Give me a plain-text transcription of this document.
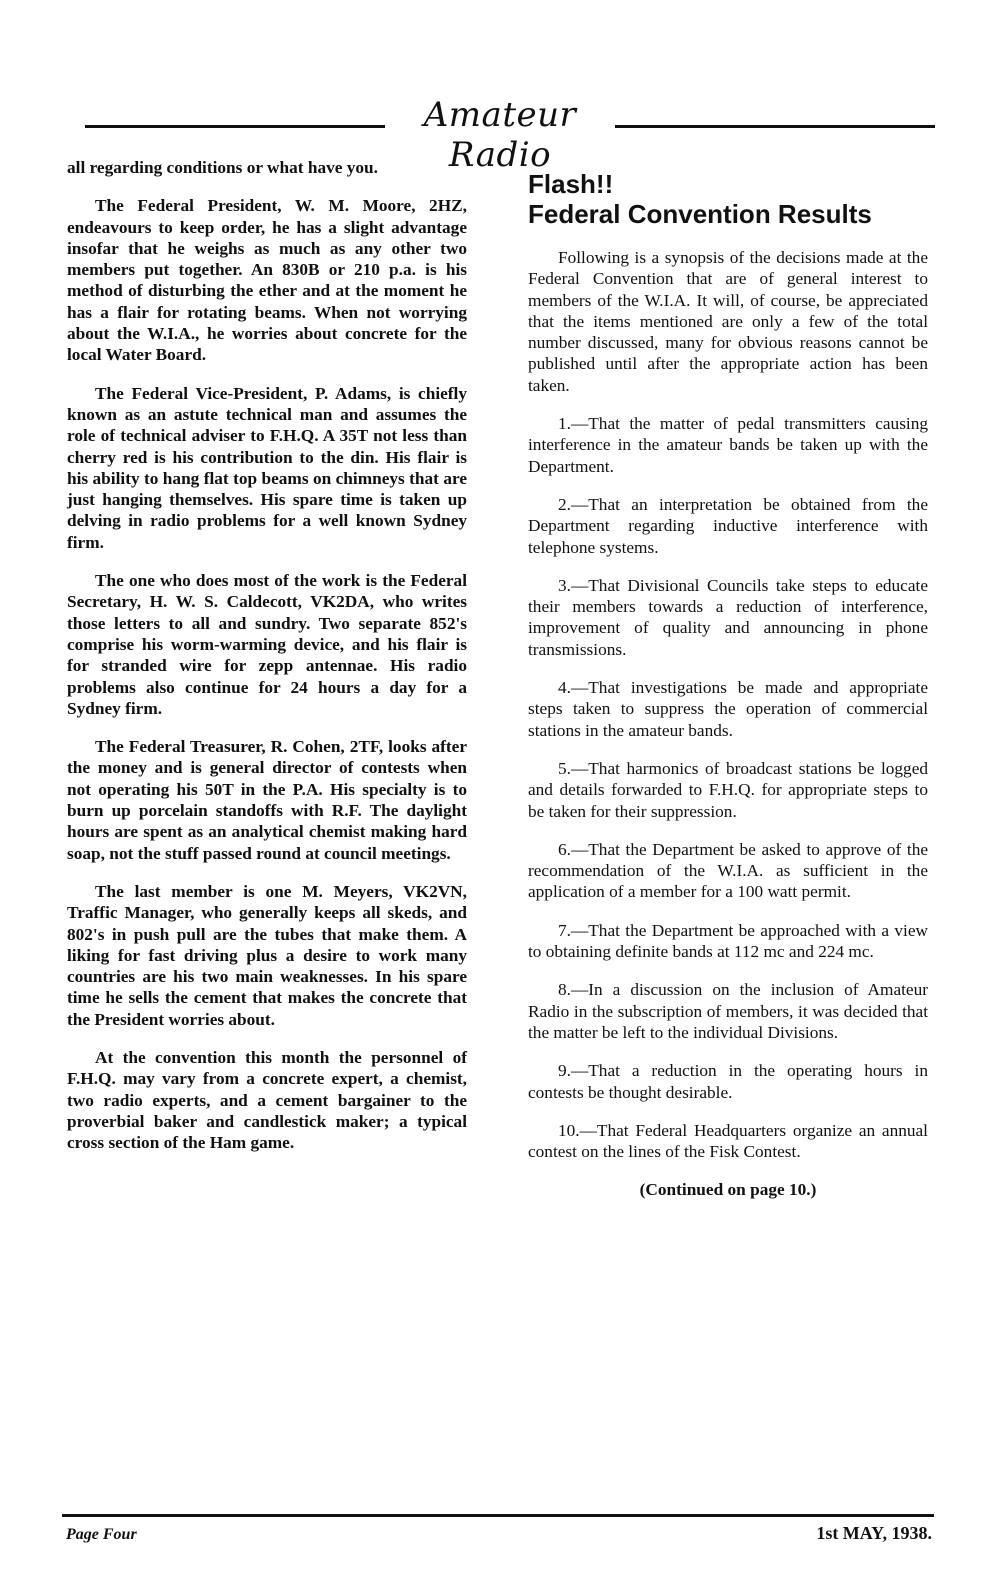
Amateur Radio

all regarding conditions or what have you.

The Federal President, W. M. Moore, 2HZ, endeavours to keep order, he has a slight advantage insofar that he weighs as much as any other two members put together. An 830B or 210 p.a. is his method of disturbing the ether and at the moment he has a flair for rotating beams. When not worrying about the W.I.A., he worries about concrete for the local Water Board.

The Federal Vice-President, P. Adams, is chiefly known as an astute technical man and assumes the role of technical adviser to F.H.Q. A 35T not less than cherry red is his contribution to the din. His flair is his ability to hang flat top beams on chimneys that are just hanging themselves. His spare time is taken up delving in radio problems for a well known Sydney firm.

The one who does most of the work is the Federal Secretary, H. W. S. Caldecott, VK2DA, who writes those letters to all and sundry. Two separate 852's comprise his worm-warming device, and his flair is for stranded wire for zepp antennae. His radio problems also continue for 24 hours a day for a Sydney firm.

The Federal Treasurer, R. Cohen, 2TF, looks after the money and is general director of contests when not operating his 50T in the P.A. His specialty is to burn up porcelain standoffs with R.F. The daylight hours are spent as an analytical chemist making hard soap, not the stuff passed round at council meetings.

The last member is one M. Meyers, VK2VN, Traffic Manager, who generally keeps all skeds, and 802's in push pull are the tubes that make them. A liking for fast driving plus a desire to work many countries are his two main weaknesses. In his spare time he sells the cement that makes the concrete that the President worries about.

At the convention this month the personnel of F.H.Q. may vary from a concrete expert, a chemist, two radio experts, and a cement bargainer to the proverbial baker and candlestick maker; a typical cross section of the Ham game.

Flash!!
Federal Convention Results

Following is a synopsis of the decisions made at the Federal Convention that are of general interest to members of the W.I.A. It will, of course, be appreciated that the items mentioned are only a few of the total number discussed, many for obvious reasons cannot be published until after the appropriate action has been taken.

1.—That the matter of pedal transmitters causing interference in the amateur bands be taken up with the Department.

2.—That an interpretation be obtained from the Department regarding inductive interference with telephone systems.

3.—That Divisional Councils take steps to educate their members towards a reduction of interference, improvement of quality and announcing in phone transmissions.

4.—That investigations be made and appropriate steps taken to suppress the operation of commercial stations in the amateur bands.

5.—That harmonics of broadcast stations be logged and details forwarded to F.H.Q. for appropriate steps to be taken for their suppression.

6.—That the Department be asked to approve of the recommendation of the W.I.A. as sufficient in the application of a member for a 100 watt permit.

7.—That the Department be approached with a view to obtaining definite bands at 112 mc and 224 mc.

8.—In a discussion on the inclusion of Amateur Radio in the subscription of members, it was decided that the matter be left to the individual Divisions.

9.—That a reduction in the operating hours in contests be thought desirable.

10.—That Federal Headquarters organize an annual contest on the lines of the Fisk Contest.

(Continued on page 10.)

Page Four	1st MAY, 1938.
